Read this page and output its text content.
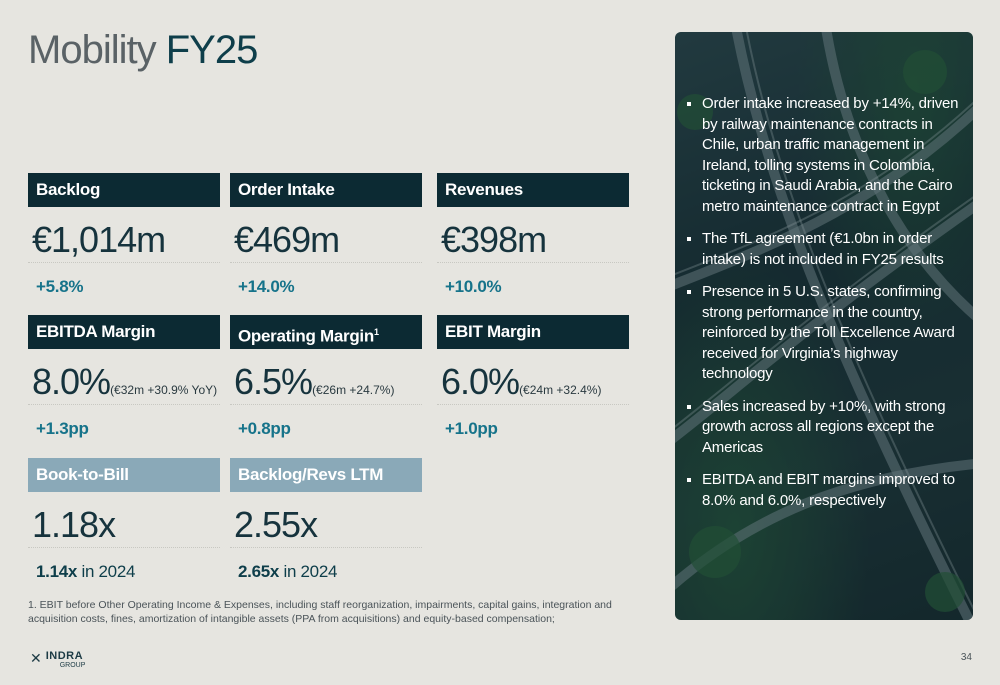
Mobility FY25
Backlog
€1,014m
+5.8%
Order Intake
€469m
+14.0%
Revenues
€398m
+10.0%
EBITDA Margin
8.0%(€32m +30.9% YoY)
+1.3pp
Operating Margin$^1$
6.5%(€26m +24.7%)
+0.8pp
EBIT Margin
6.0%(€24m +32.4%)
+1.0pp
Book-to-Bill
1.18x
1.14x in 2024
Backlog/Revs LTM
2.55x
2.65x in 2024
1. EBIT before Other Operating Income & Expenses, including staff reorganization, impairments, capital gains, integration and acquisition costs, fines, amortization of intangible assets (PPA from acquisitions) and equity-based compensation;
✕ INDRA
GROUP
34
Order intake increased by +14%, driven by railway maintenance contracts in Chile, urban traffic management in Ireland, tolling systems in Colombia, ticketing in Saudi Arabia, and the Cairo metro maintenance contract in Egypt
The TfL agreement (€1.0bn in order intake) is not included in FY25 results
Presence in 5 U.S. states, confirming strong performance in the country, reinforced by the Toll Excellence Award received for Virginia’s highway technology
Sales increased by +10%, with strong growth across all regions except the Americas
EBITDA and EBIT margins improved to 8.0% and 6.0%, respectively
